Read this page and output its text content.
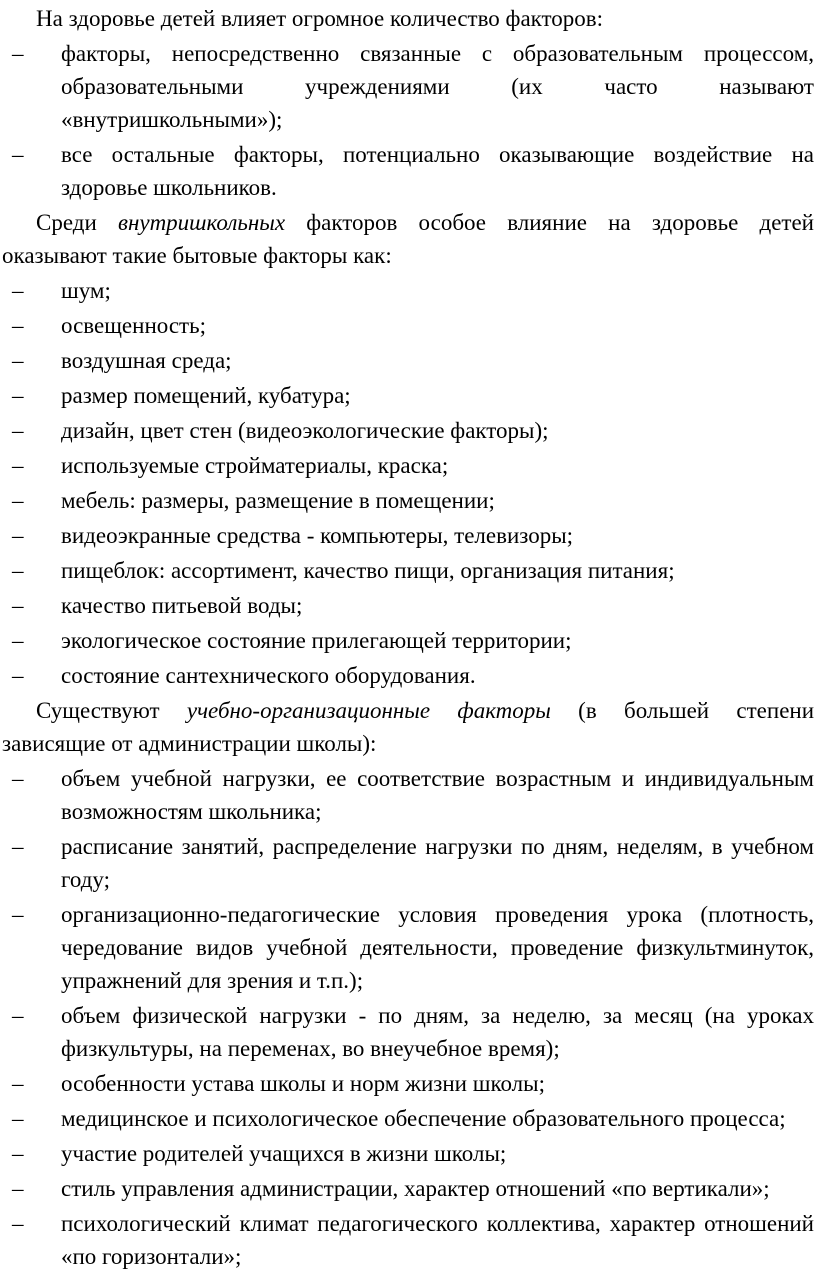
На здоровье детей влияет огромное количество факторов:

–	факторы, непосредственно связанные с образовательным процессом, образовательными учреждениями (их часто называют «внутришкольными»);
–	все остальные факторы, потенциально оказывающие воздействие на здоровье школьников.

Среди внутришкольных факторов особое влияние на здоровье детей оказывают такие бытовые факторы как:

–	шум;
–	освещенность;
–	воздушная среда;
–	размер помещений, кубатура;
–	дизайн, цвет стен (видеоэкологические факторы);
–	используемые стройматериалы, краска;
–	мебель: размеры, размещение в помещении;
–	видеоэкранные средства - компьютеры, телевизоры;
–	пищеблок: ассортимент, качество пищи, организация питания;
–	качество питьевой воды;
–	экологическое состояние прилегающей территории;
–	состояние сантехнического оборудования.

Существуют учебно-организационные факторы (в большей степени зависящие от администрации школы):

–	объем учебной нагрузки, ее соответствие возрастным и индивидуальным возможностям школьника;
–	расписание занятий, распределение нагрузки по дням, неделям, в учебном году;
–	организационно-педагогические условия проведения урока (плотность, чередование видов учебной деятельности, проведение физкультминуток, упражнений для зрения и т.п.);
–	объем физической нагрузки - по дням, за неделю, за месяц (на уроках физкультуры, на переменах, во внеучебное время);
–	особенности устава школы и норм жизни школы;
–	медицинское и психологическое обеспечение образовательного процесса;
–	участие родителей учащихся в жизни школы;
–	стиль управления администрации, характер отношений «по вертикали»;
–	психологический климат педагогического коллектива, характер отношений «по горизонтали»;
